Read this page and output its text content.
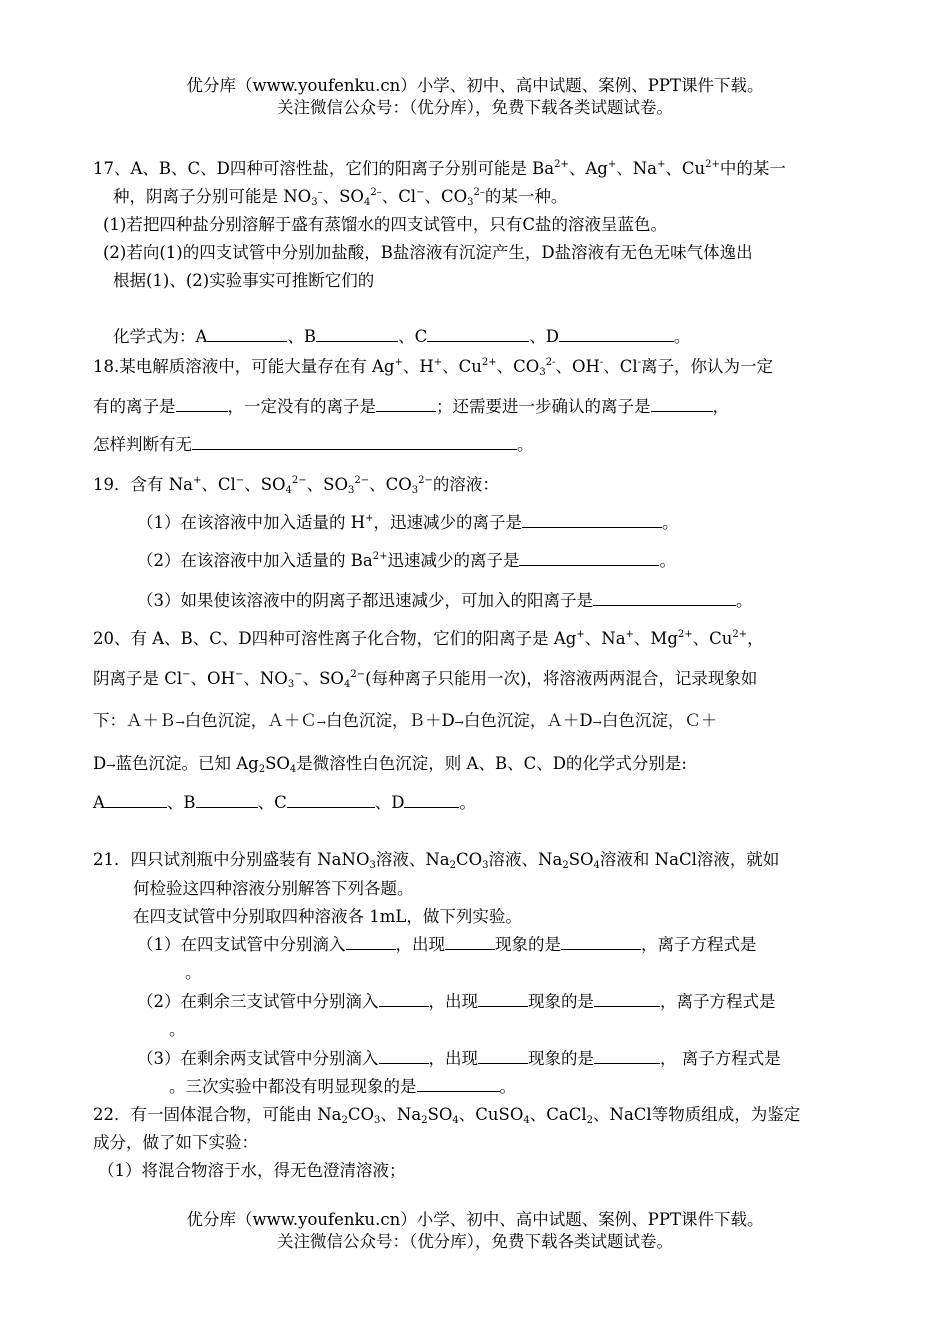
优分库（www.youfenku.cn）小学、初中、高中试题、案例、PPT课件下载。
关注微信公众号：（优分库），免费下载各类试题试卷。
17、A、B、C、D四种可溶性盐，它们的阳离子分别可能是 $Ba^{2+}$、Ag+、Na+、$Cu^{2+}$中的某一
种，阴离子分别可能是 $NO_3^-$、$SO_4^{2-}$、Cl−、$CO_3^{2-}$的某一种。
(1)若把四种盐分别溶解于盛有蒸馏水的四支试管中，只有C盐的溶液呈蓝色。
(2)若向(1)的四支试管中分别加盐酸，B盐溶液有沉淀产生，D盐溶液有无色无味气体逸出
根据(1)、(2)实验事实可推断它们的
化学式为：A	、B	、C	、D	。
18.某电解质溶液中，可能大量存在有 Ag+、H+、$Cu^{2+}$、$CO_3^{2-}$、OH-、Cl-离子，你认为一定
有的离子是	，一定没有的离子是	；还需要进一步确认的离子是	，
怎样判断有无	。
19．含有 Na+、Cl−、$SO_4^{2-}$、$SO_3^{2-}$、$CO_3^{2-}$的溶液：
（1）在该溶液中加入适量的 H+，迅速减少的离子是	。
（2）在该溶液中加入适量的 $Ba^{2+}$迅速减少的离子是	。
（3）如果使该溶液中的阴离子都迅速减少，可加入的阳离子是	。
20、有 A、B、C、D四种可溶性离子化合物，它们的阳离子是 Ag+、Na+、$Mg^{2+}$、$Cu^{2+}$，
阴离子是 Cl−、OH−、$NO_3^-$、$SO_4^{2-}$(每种离子只能用一次)，将溶液两两混合，记录现象如
下：Ａ＋Ｂ→白色沉淀，Ａ＋Ｃ→白色沉淀，Ｂ＋D→白色沉淀，Ａ＋D→白色沉淀，Ｃ＋
D→蓝色沉淀。已知 $Ag_2SO_4$是微溶性白色沉淀，则 A、B、C、D的化学式分别是:
A	、B	、C	、D	。
21．四只试剂瓶中分别盛装有 NaNO$_3$溶液、$Na_2CO_3$溶液、$Na_2SO_4$溶液和 NaCl溶液，就如
何检验这四种溶液分别解答下列各题。
在四支试管中分别取四种溶液各 1mL，做下列实验。
（1）在四支试管中分别滴入	，出现	现象的是	，离子方程式是
。
（2）在剩余三支试管中分别滴入	，出现	现象的是	，离子方程式是
。
（3）在剩余两支试管中分别滴入	，出现	现象的是	， 离子方程式是
。三次实验中都没有明显现象的是	。
22．有一固体混合物，可能由 $Na_2CO_3$、$Na_2SO_4$、CuSO$_4$、CaCl$_2$、NaCl等物质组成，为鉴定
成分，做了如下实验：
（1）将混合物溶于水，得无色澄清溶液；
优分库（www.youfenku.cn）小学、初中、高中试题、案例、PPT课件下载。
关注微信公众号：（优分库），免费下载各类试题试卷。
